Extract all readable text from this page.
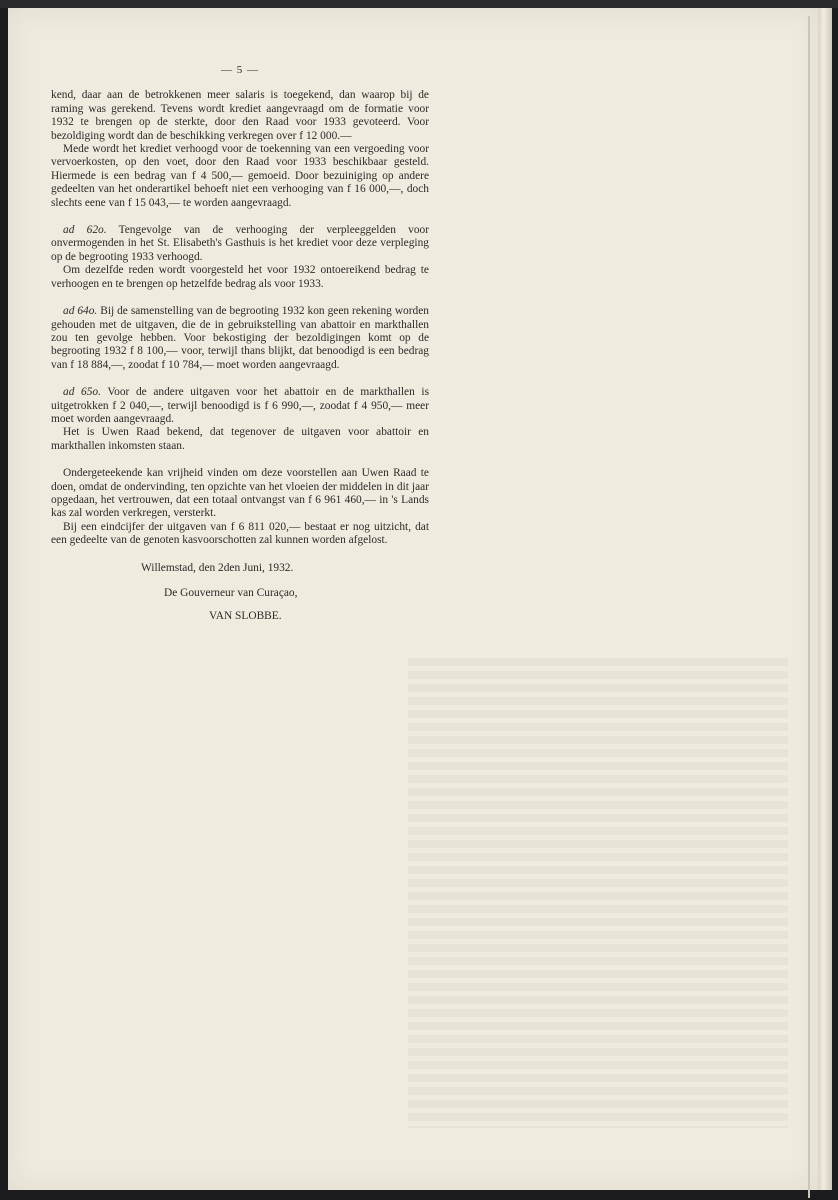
— 5 —

kend, daar aan de betrokkenen meer salaris is toegekend, dan waarop bij de raming was gerekend. Tevens wordt krediet aangevraagd om de formatie voor 1932 te brengen op de sterkte, door den Raad voor 1933 gevoteerd. Voor bezoldiging wordt dan de beschikking verkregen over f 12 000.—

Mede wordt het krediet verhoogd voor de toekenning van een vergoeding voor vervoerkosten, op den voet, door den Raad voor 1933 beschikbaar gesteld. Hiermede is een bedrag van f 4 500,— gemoeid. Door bezuiniging op andere gedeelten van het onderartikel behoeft niet een verhooging van f 16 000,—, doch slechts eene van f 15 043,— te worden aangevraagd.

ad 62o. Tengevolge van de verhooging der verpleeggelden voor onvermogenden in het St. Elisabeth's Gasthuis is het krediet voor deze verpleging op de begrooting 1933 verhoogd.

Om dezelfde reden wordt voorgesteld het voor 1932 ontoereikend bedrag te verhoogen en te brengen op hetzelfde bedrag als voor 1933.

ad 64o. Bij de samenstelling van de begrooting 1932 kon geen rekening worden gehouden met de uitgaven, die de in gebruikstelling van abattoir en markthallen zou ten gevolge hebben. Voor bekostiging der bezoldigingen komt op de begrooting 1932 f 8 100,— voor, terwijl thans blijkt, dat benoodigd is een bedrag van f 18 884,—, zoodat f 10 784,— moet worden aangevraagd.

ad 65o. Voor de andere uitgaven voor het abattoir en de markthallen is uitgetrokken f 2 040,—, terwijl benoodigd is f 6 990,—, zoodat f 4 950,— meer moet worden aangevraagd.

Het is Uwen Raad bekend, dat tegenover de uitgaven voor abattoir en markthallen inkomsten staan.

Ondergeteekende kan vrijheid vinden om deze voorstellen aan Uwen Raad te doen, omdat de ondervinding, ten opzichte van het vloeien der middelen in dit jaar opgedaan, het vertrouwen, dat een totaal ontvangst van f 6 961 460,— in 's Lands kas zal worden verkregen, versterkt.

Bij een eindcijfer der uitgaven van f 6 811 020,— bestaat er nog uitzicht, dat een gedeelte van de genoten kasvoorschotten zal kunnen worden afgelost.

Willemstad, den 2den Juni, 1932.

De Gouverneur van Curaçao,

VAN SLOBBE.
